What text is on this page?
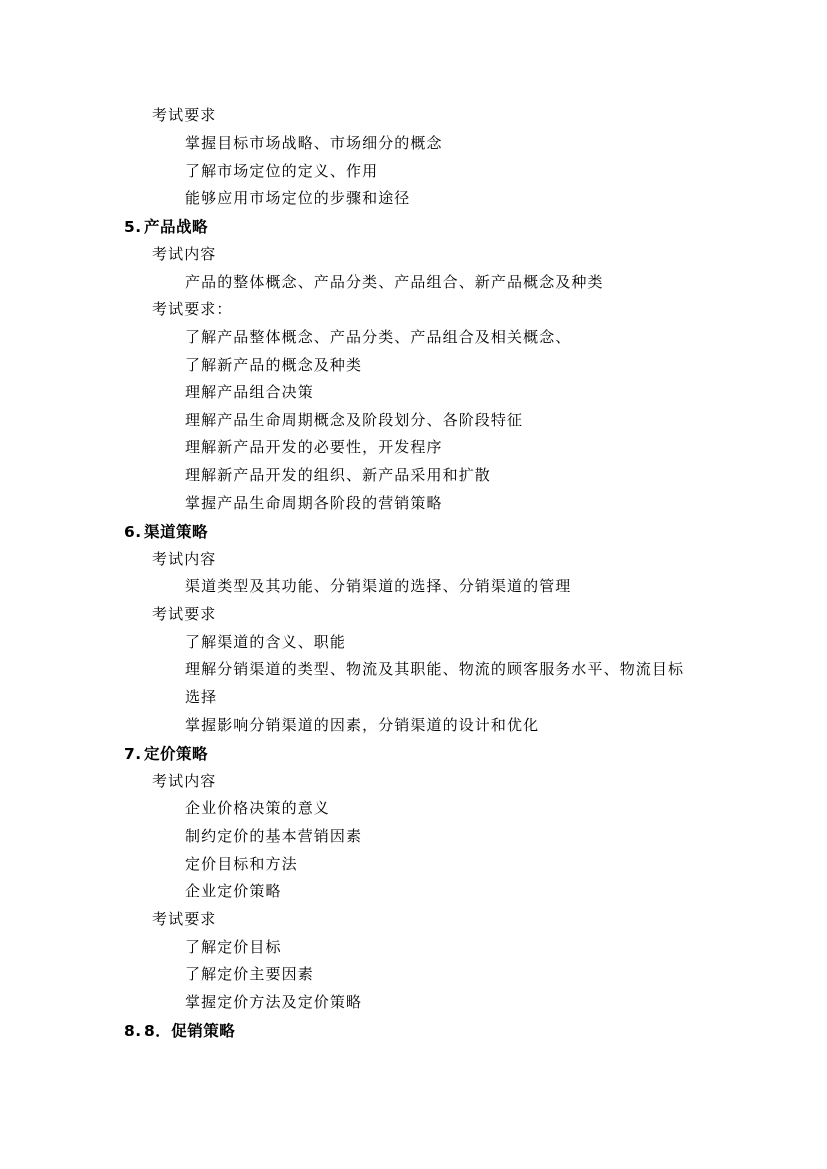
考试要求
掌握目标市场战略、市场细分的概念
了解市场定位的定义、作用
能够应用市场定位的步骤和途径
5. 产品战略
考试内容
产品的整体概念、产品分类、产品组合、新产品概念及种类
考试要求：
了解产品整体概念、产品分类、产品组合及相关概念、
了解新产品的概念及种类
理解产品组合决策
理解产品生命周期概念及阶段划分、各阶段特征
理解新产品开发的必要性，开发程序
理解新产品开发的组织、新产品采用和扩散
掌握产品生命周期各阶段的营销策略
6. 渠道策略
考试内容
渠道类型及其功能、分销渠道的选择、分销渠道的管理
考试要求
了解渠道的含义、职能
理解分销渠道的类型、物流及其职能、物流的顾客服务水平、物流目标
选择
掌握影响分销渠道的因素，分销渠道的设计和优化
7. 定价策略
考试内容
企业价格决策的意义
制约定价的基本营销因素
定价目标和方法
企业定价策略
考试要求
了解定价目标
了解定价主要因素
掌握定价方法及定价策略
8. 8．促销策略
